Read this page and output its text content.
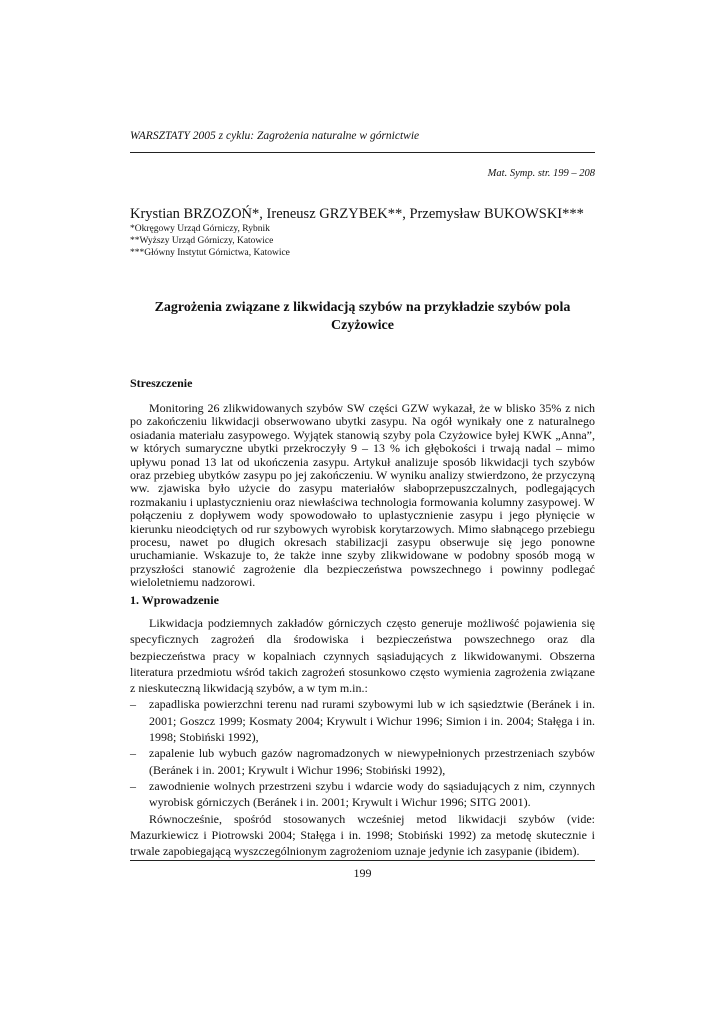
WARSZTATY 2005 z cyklu: Zagrożenia naturalne w górnictwie
Mat. Symp. str. 199 – 208
Krystian BRZOZOŃ*, Ireneusz GRZYBEK**, Przemysław BUKOWSKI***
*Okręgowy Urząd Górniczy, Rybnik
**Wyższy Urząd Górniczy, Katowice
***Główny Instytut Górnictwa, Katowice
Zagrożenia związane z likwidacją szybów na przykładzie szybów pola
Czyżowice
Streszczenie

Monitoring 26 zlikwidowanych szybów SW części GZW wykazał, że w blisko 35% z nich po zakończeniu likwidacji obserwowano ubytki zasypu. Na ogół wynikały one z naturalnego osiadania materiału zasypowego. Wyjątek stanowią szyby pola Czyżowice byłej KWK „Anna”, w których sumaryczne ubytki przekroczyły 9 – 13 % ich głębokości i trwają nadal – mimo upływu ponad 13 lat od ukończenia zasypu. Artykuł analizuje sposób likwidacji tych szybów oraz przebieg ubytków zasypu po jej zakończeniu. W wyniku analizy stwierdzono, że przyczyną ww. zjawiska było użycie do zasypu materiałów słaboprzepuszczalnych, podlegających rozmakaniu i uplastycznieniu oraz niewłaściwa technologia formowania kolumny zasypowej. W połączeniu z dopływem wody spowodowało to uplastycznienie zasypu i jego płynięcie w kierunku nieodciętych od rur szybowych wyrobisk korytarzowych. Mimo słabnącego przebiegu procesu, nawet po długich okresach stabilizacji zasypu obserwuje się jego ponowne uruchamianie. Wskazuje to, że także inne szyby zlikwidowane w podobny sposób mogą w przyszłości stanowić zagrożenie dla bezpieczeństwa powszechnego i powinny podlegać wieloletniemu nadzorowi.

1. Wprowadzenie

Likwidacja podziemnych zakładów górniczych często generuje możliwość pojawienia się specyficznych zagrożeń dla środowiska i bezpieczeństwa powszechnego oraz dla bezpieczeństwa pracy w kopalniach czynnych sąsiadujących z likwidowanymi. Obszerna literatura przedmiotu wśród takich zagrożeń stosunkowo często wymienia zagrożenia związane z nieskuteczną likwidacją szybów, a w tym m.in.:

– zapadliska powierzchni terenu nad rurami szybowymi lub w ich sąsiedztwie (Beránek i in. 2001; Goszcz 1999; Kosmaty 2004; Krywult i Wichur 1996; Simion i in. 2004; Stałęga i in. 1998; Stobiński 1992),
– zapalenie lub wybuch gazów nagromadzonych w niewypełnionych przestrzeniach szybów (Beránek i in. 2001; Krywult i Wichur 1996; Stobiński 1992),
– zawodnienie wolnych przestrzeni szybu i wdarcie wody do sąsiadujących z nim, czynnych wyrobisk górniczych (Beránek i in. 2001; Krywult i Wichur 1996; SITG 2001).

Równocześnie, spośród stosowanych wcześniej metod likwidacji szybów (vide: Mazurkiewicz i Piotrowski 2004; Stałęga i in. 1998; Stobiński 1992) za metodę skutecznie i trwale zapobiegającą wyszczególnionym zagrożeniom uznaje jedynie ich zasypanie (ibidem).

199
